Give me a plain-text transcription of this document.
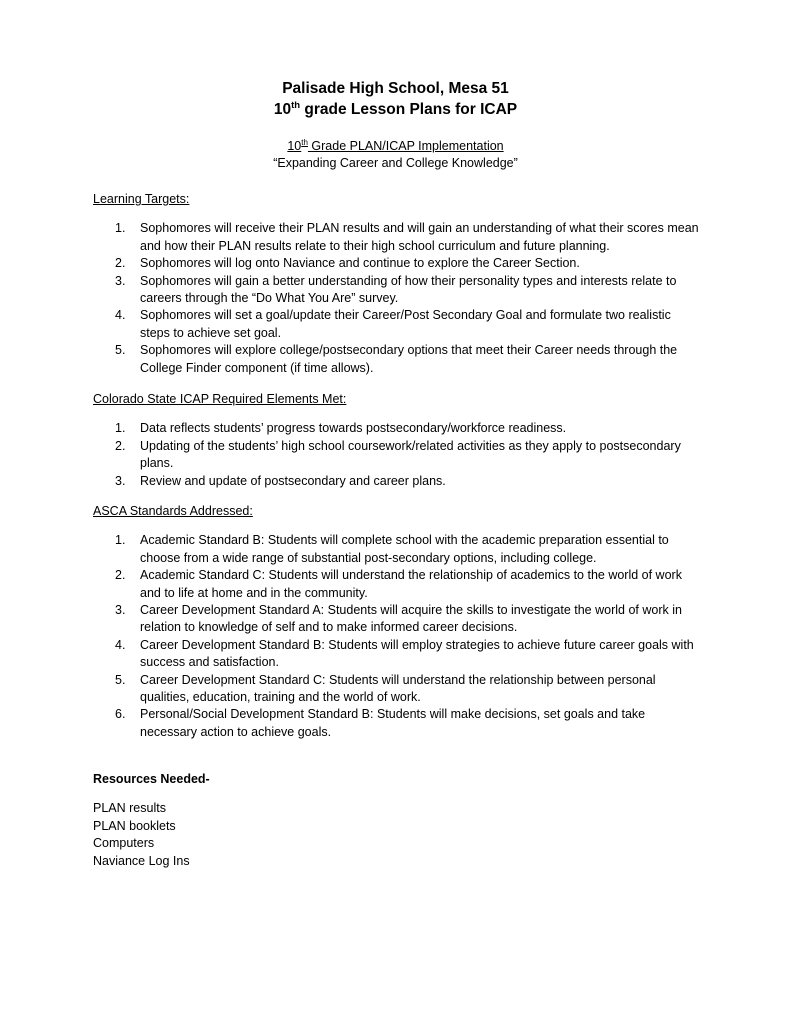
Palisade High School, Mesa 51

10th grade Lesson Plans for ICAP

10th Grade PLAN/ICAP Implementation

“Expanding Career and College Knowledge”

Learning Targets:

1. Sophomores will receive their PLAN results and will gain an understanding of what their scores mean and how their PLAN results relate to their high school curriculum and future planning.
2. Sophomores will log onto Naviance and continue to explore the Career Section.
3. Sophomores will gain a better understanding of how their personality types and interests relate to careers through the “Do What You Are” survey.
4. Sophomores will set a goal/update their Career/Post Secondary Goal and formulate two realistic steps to achieve set goal.
5. Sophomores will explore college/postsecondary options that meet their Career needs through the College Finder component (if time allows).

Colorado State ICAP Required Elements Met:

1. Data reflects students’ progress towards postsecondary/workforce readiness.
2. Updating of the students’ high school coursework/related activities as they apply to postsecondary plans.
3. Review and update of postsecondary and career plans.

ASCA Standards Addressed:

1. Academic Standard B: Students will complete school with the academic preparation essential to choose from a wide range of substantial post-secondary options, including college.
2. Academic Standard C: Students will understand the relationship of academics to the world of work and to life at home and in the community.
3. Career Development Standard A: Students will acquire the skills to investigate the world of work in relation to knowledge of self and to make informed career decisions.
4. Career Development Standard B: Students will employ strategies to achieve future career goals with success and satisfaction.
5. Career Development Standard C: Students will understand the relationship between personal qualities, education, training and the world of work.
6. Personal/Social Development Standard B: Students will make decisions, set goals and take necessary action to achieve goals.

Resources Needed-

PLAN results

PLAN booklets

Computers

Naviance Log Ins
